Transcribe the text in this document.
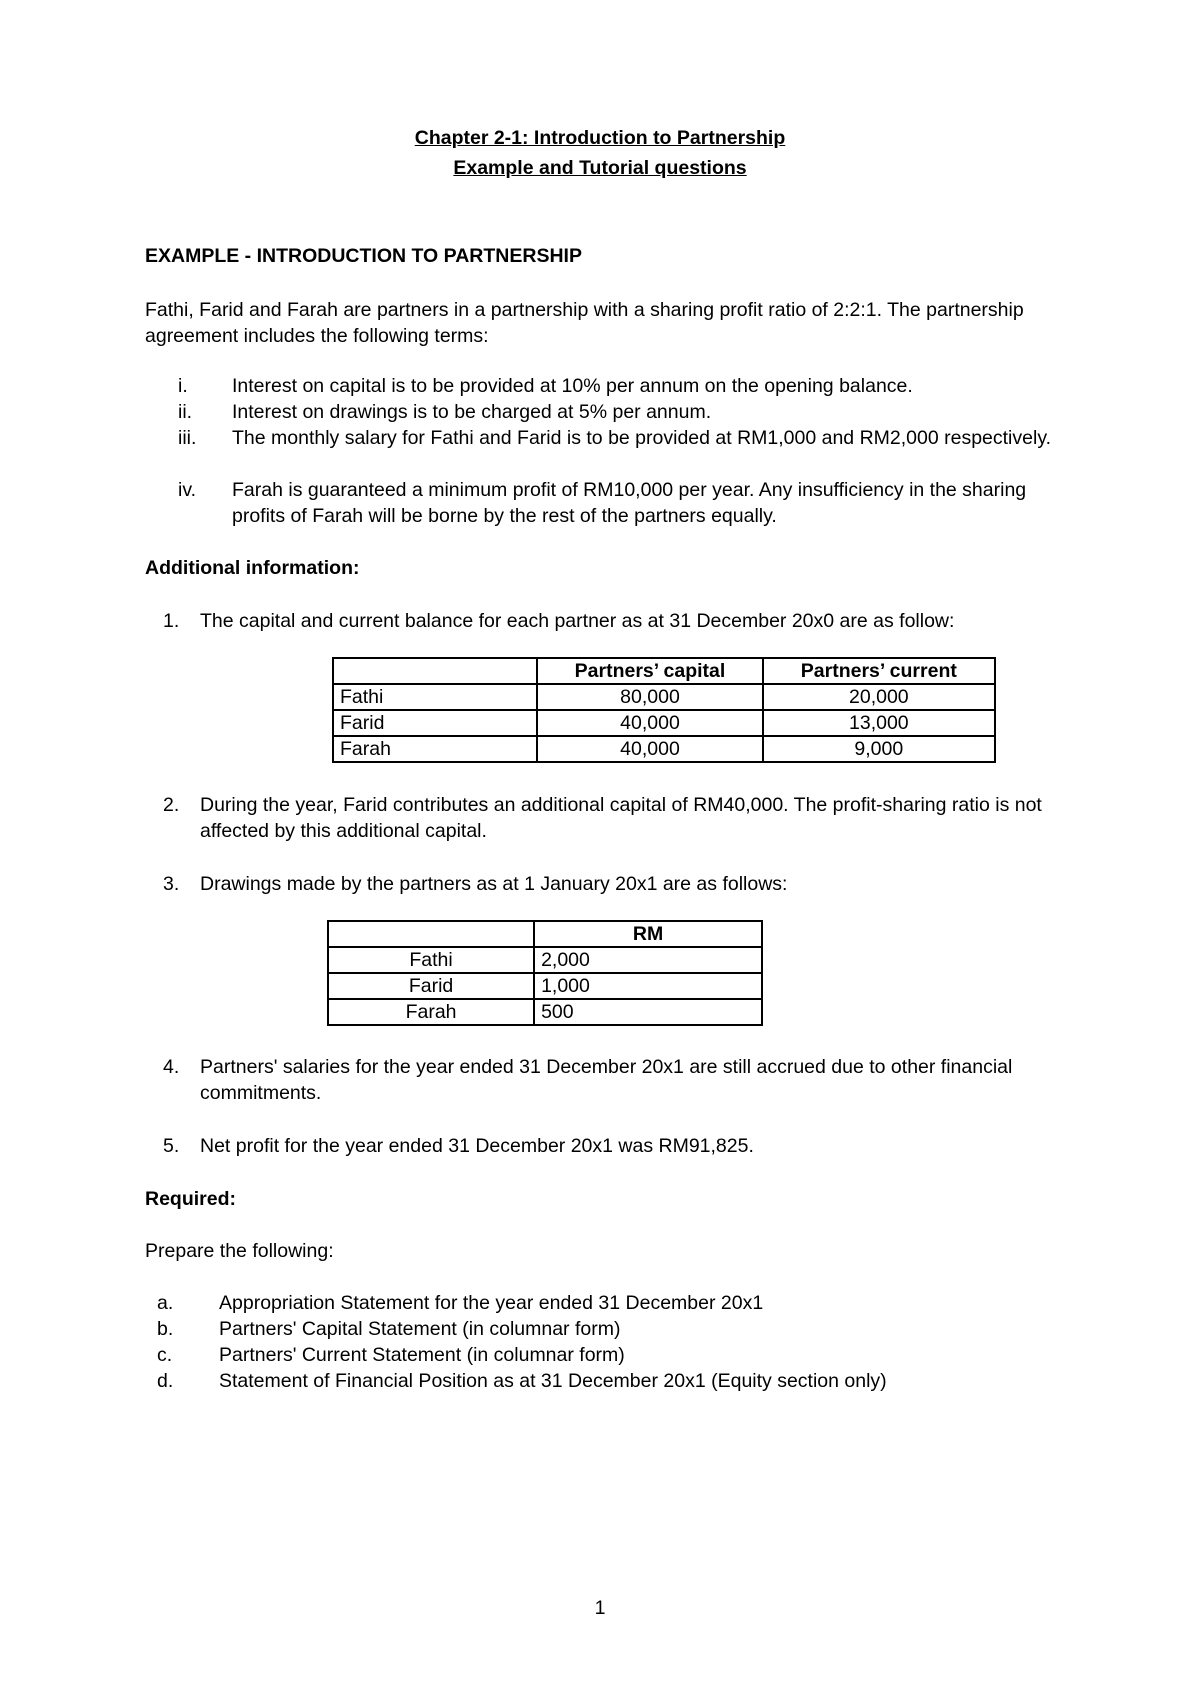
Chapter 2-1: Introduction to Partnership
Example and Tutorial questions
EXAMPLE - INTRODUCTION TO PARTNERSHIP
Fathi, Farid and Farah are partners in a partnership with a sharing profit ratio of 2:2:1. The partnership agreement includes the following terms:
i. Interest on capital is to be provided at 10% per annum on the opening balance.
ii. Interest on drawings is to be charged at 5% per annum.
iii. The monthly salary for Fathi and Farid is to be provided at RM1,000 and RM2,000 respectively.
iv. Farah is guaranteed a minimum profit of RM10,000 per year. Any insufficiency in the sharing profits of Farah will be borne by the rest of the partners equally.
Additional information:
1. The capital and current balance for each partner as at 31 December 20x0 are as follow:
	Partners’ capital	Partners’ current
Fathi	80,000	20,000
Farid	40,000	13,000
Farah	40,000	9,000
2. During the year, Farid contributes an additional capital of RM40,000. The profit-sharing ratio is not affected by this additional capital.
3. Drawings made by the partners as at 1 January 20x1 are as follows:
	RM
Fathi	2,000
Farid	1,000
Farah	500
4. Partners' salaries for the year ended 31 December 20x1 are still accrued due to other financial commitments.
5. Net profit for the year ended 31 December 20x1 was RM91,825.
Required:
Prepare the following:
a. Appropriation Statement for the year ended 31 December 20x1
b. Partners' Capital Statement (in columnar form)
c. Partners' Current Statement (in columnar form)
d. Statement of Financial Position as at 31 December 20x1 (Equity section only)
1
